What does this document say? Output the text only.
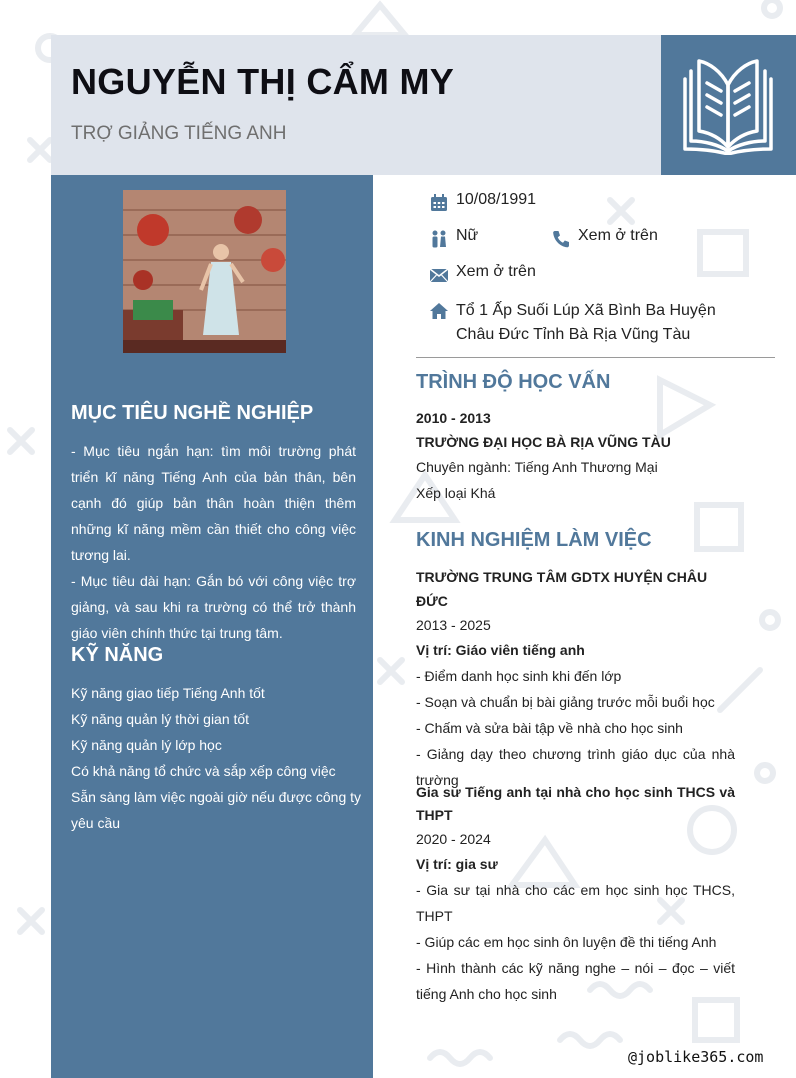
NGUYỄN THỊ CẨM MY
TRỢ GIẢNG TIẾNG ANH
MỤC TIÊU NGHỀ NGHIỆP

- Mục tiêu ngắn hạn: tìm môi trường phát triển kĩ năng Tiếng Anh của bản thân, bên cạnh đó giúp bản thân hoàn thiện thêm những kĩ năng mềm cần thiết cho công việc tương lai.

- Mục tiêu dài hạn: Gắn bó với công việc trợ giảng, và sau khi ra trường có thể trở thành giáo viên chính thức tại trung tâm.

KỸ NĂNG
Kỹ năng giao tiếp Tiếng Anh tốt
Kỹ năng quản lý thời gian tốt
Kỹ năng quản lý lớp học
Có khả năng tổ chức và sắp xếp công việc
Sẵn sàng làm việc ngoài giờ nếu được công ty yêu cầu
10/08/1991
Nữ	Xem ở trên
Xem ở trên
Tổ 1 Ấp Suối Lúp Xã Bình Ba Huyện Châu Đức Tỉnh Bà Rịa Vũng Tàu
TRÌNH ĐỘ HỌC VẤN
2010 - 2013
TRƯỜNG ĐẠI HỌC BÀ RỊA VŨNG TÀU
Chuyên ngành: Tiếng Anh Thương Mại
Xếp loại Khá
KINH NGHIỆM LÀM VIỆC
TRƯỜNG TRUNG TÂM GDTX HUYỆN CHÂU ĐỨC
2013 - 2025
Vị trí: Giáo viên tiếng anh

- Điểm danh học sinh khi đến lớp

- Soạn và chuẩn bị bài giảng trước mỗi buổi học

- Chấm và sửa bài tập về nhà cho học sinh

- Giảng dạy theo chương trình giáo dục của nhà trường

Gia sư Tiếng anh tại nhà cho học sinh THCS và THPT

2020 - 2024
Vị trí: gia sư

- Gia sư tại nhà cho các em học sinh học THCS, THPT

- Giúp các em học sinh ôn luyện đề thi tiếng Anh

- Hình thành các kỹ năng nghe – nói – đọc – viết tiếng Anh cho học sinh

@joblike365.com
